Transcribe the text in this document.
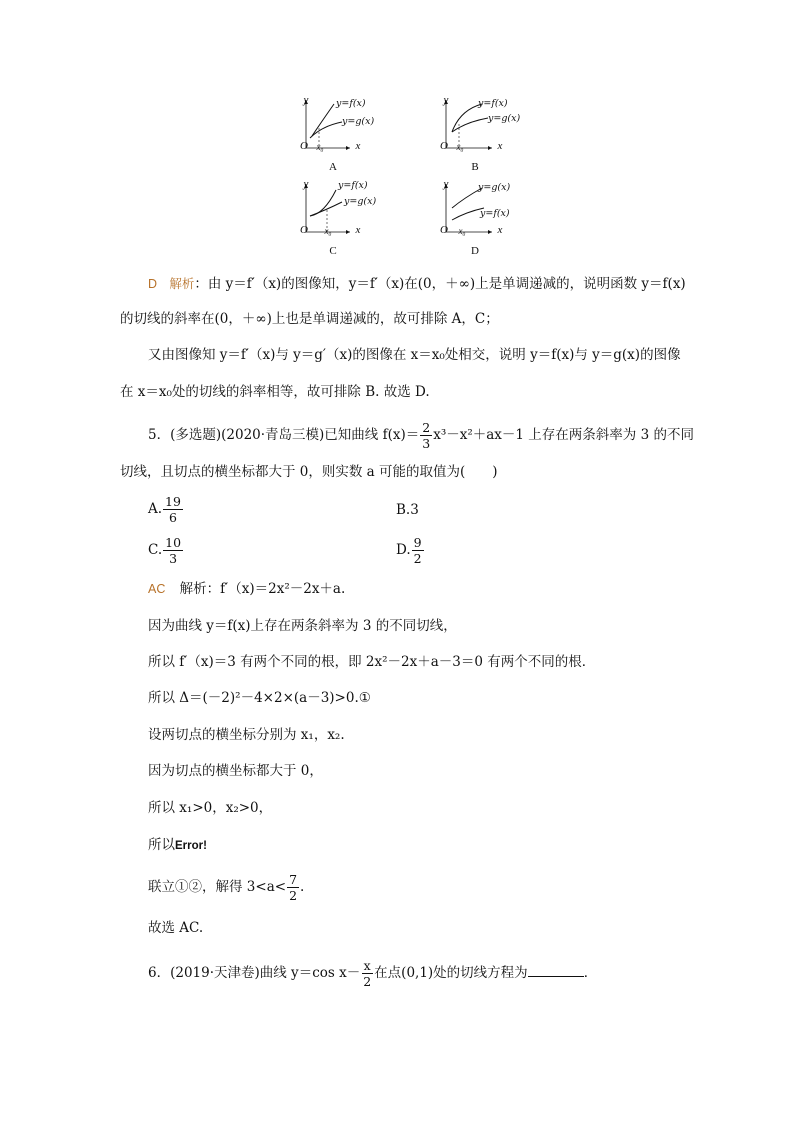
y
x
O x₀
y=f(x)
y=g(x)
A
y
x
O x₀
y=f(x)
y=g(x)
B
y
x
O	x₀
y=f(x)
y=g(x)
C
y
x
O	x₀
y=g(x)
y=f(x)
D
D 解析：由 y＝f′（x)的图像知，y＝f′（x)在(0，＋∞)上是单调递减的，说明函数 y＝f(x)
的切线的斜率在(0，＋∞)上也是单调递减的，故可排除 A，C；
又由图像知 y＝f′（x)与 y＝g′（x)的图像在 x＝x₀处相交，说明 y＝f(x)与 y＝g(x)的图像
在 x＝x₀处的切线的斜率相等，故可排除 B. 故选 D.
5．(多选题)(2020·青岛三模)已知曲线 $f(x)= \frac{2}{3} x^3-x^2+ax-1$ 上存在两条斜率为 3 的不同
切线，且切点的横坐标都大于 0，则实数 a 可能的取值为(　　)
A. $\frac{19}{6}$	B.3
C. $\frac{10}{3}$	D. $\frac{9}{2}$
AC 解析：f′（x)＝2x²－2x＋a.
因为曲线 y＝f(x)上存在两条斜率为 3 的不同切线，
所以 f′（x)＝3 有两个不同的根，即 2x²－2x＋a－3＝0 有两个不同的根．
所以 Δ＝(－2)²－4×2×(a－3)>0.①
设两切点的横坐标分别为 x₁，x₂.
因为切点的横坐标都大于 0，
所以 x₁>0，x₂>0，
所以Error!
联立①②，解得 $3<a< \frac{7}{2}$ .
故选 AC.
6．(2019·天津卷)曲线 y＝cos $x- \frac{x}{2}$ 在点(0,1)处的切线方程为	．
